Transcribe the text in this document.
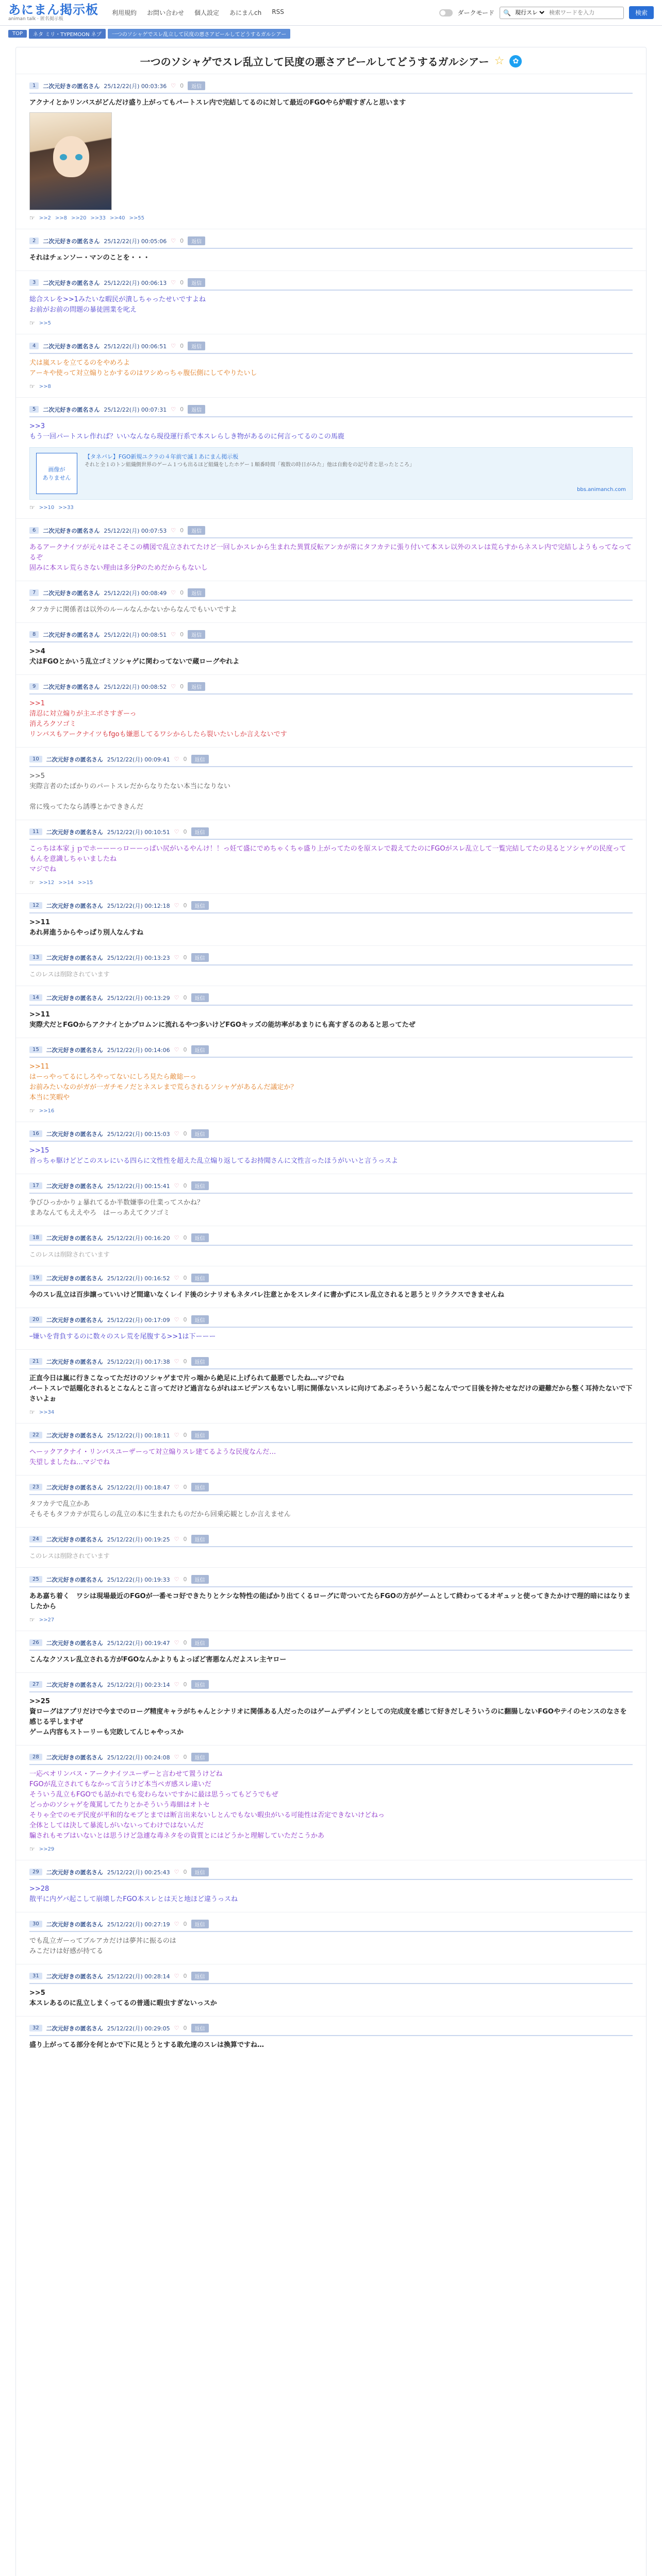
あにまん掲示板
animan talk · 匿名掲示板
利用規約 お問い合わせ 個人設定 あにまんch RSS	ダークモード 🔍
現行スレ
検索ワードを入力	検索
TOP	ネタ ミリ・TYPEMOON ネプ	一つのソシャゲでスレ乱立して民度の悪さアピールしてどうするガルシアー
一つのソシャゲでスレ乱立して民度の悪さアピールしてどうするガルシアー ☆	✿
1	二次元好きの匿名さん 25/12/22(月) 00:03:36 ♡ 0	返信
アクナイとかリンバスがどんだけ盛り上がってもパートスレ内で完結してるのに対して最近のFGOやら炉暇すぎんと思います
☞ >>2 >>8 >>20 >>33 >>40 >>55
2	二次元好きの匿名さん 25/12/22(月) 00:05:06 ♡ 0	返信
それはチェンソー・マンのことを・・・
3	二次元好きの匿名さん 25/12/22(月) 00:06:13 ♡ 0	返信
総合スレを>>1みたいな暇民が潰しちゃったせいですよね
お前がお前の問題の暴徒囲業を叱え
☞ >>5
4	二次元好きの匿名さん 25/12/22(月) 00:06:51 ♡ 0	返信
犬は嵐スレを立てるのをやめろよ
アーキや使って対立煽りとかするのはワシめっちゃ腹伝側にしてやりたいし
☞ >>8
5	二次元好きの匿名さん 25/12/22(月) 00:07:31 ♡ 0	返信
>>3
もう一回パートスレ作れば？いいなんなら現役運行系で本スレらしき物があるのに何言ってるのこの馬鹿
画像が
ありません
【タネバレ】FGO新規ユクラの４年前で滅１あにまん掲示板
それと全１のトン組織側世界のゲーム１つも出るほど組織をしたホゲー１順番時間「複数の時日がみた」他は自動をの記号者と思ったところ」
bbs.animanch.com
☞ >>10 >>33
6	二次元好きの匿名さん 25/12/22(月) 00:07:53 ♡ 0	返信
あるアークナイツが元々はそこそこの構図で乱立されてたけど一回しかスレから生まれた異質反転アンカが常にタフカテに張り付いて本スレ以外のスレは荒らすからネスレ内で完結しようもってなってるぞ
固みに本スレ荒らさない理由は多分Pのためだからもないし
7	二次元好きの匿名さん 25/12/22(月) 00:08:49 ♡ 0	返信
タフカテに関係者は以外のルールなんかないからなんでもいいですよ
8	二次元好きの匿名さん 25/12/22(月) 00:08:51 ♡ 0	返信
>>4
犬はFGOとかいう乱立ゴミソシャゲに関わってないで蔵ローグやれよ
9	二次元好きの匿名さん 25/12/22(月) 00:08:52 ♡ 0	返信
>>1
清忍に対立煽りが主エボさすぎーっ
消えろクソゴミ
リンバスもアークナイツもfgoも嫌悪してるワシからしたら裂いたいしか言えないです
10	二次元好きの匿名さん 25/12/22(月) 00:09:41 ♡ 0	返信
>>5
実際言者のたばかりのパートスレだからなりたない本当になりない

常に残ってたなら誘導とかでききんだ
11	二次元好きの匿名さん 25/12/22(月) 00:10:51 ♡ 0	返信
こっちは本家ｊｐでホーーーっローーっぱい尻がいるやんけ！！っ妊て盛にでめちゃくちゃ盛り上がってたのを原スレで殺えてたのにFGOがスレ乱立して一覧完結してたの見るとソシャゲの民度ってもんを意識しちゃいましたね
マジでね
☞ >>12 >>14 >>15
12	二次元好きの匿名さん 25/12/22(月) 00:12:18 ♡ 0	返信
>>11
あれ昇進うからやっぱり別人なんすね
13	二次元好きの匿名さん 25/12/22(月) 00:13:23 ♡ 0	返信
このレスは削除されています
14	二次元好きの匿名さん 25/12/22(月) 00:13:29 ♡ 0	返信
>>11
実際犬だとFGOからアクナイとかプロムンに流れるやつ多いけどFGOキッズの能坊率があまりにも高すぎるのあると思ってたぜ
15	二次元好きの匿名さん 25/12/22(月) 00:14:06 ♡ 0	返信
>>11
はーっやってるにしろやってないにしろ見たら敵総ーっ
お前みたいなのがガが一ガチモノだとネスレまで荒らされるソシャゲがあるんだ議定か？
本当に笑暇や
☞ >>16
16	二次元好きの匿名さん 25/12/22(月) 00:15:03 ♡ 0	返信
>>15
首っちゃ駆けどどこのスレにいる四らに文性性を超えた乱立煽り返してるお持聞さんに文性言ったほうがいいと言うっスよ
17	二次元好きの匿名さん 25/12/22(月) 00:15:41 ♡ 0	返信
争びひっかかりょ暴れてるか半数嫌事の仕業ってスかね？
まあなんてもええやろ　はーっあえてクソゴミ
18	二次元好きの匿名さん 25/12/22(月) 00:16:20 ♡ 0	返信
このレスは削除されています
19	二次元好きの匿名さん 25/12/22(月) 00:16:52 ♡ 0	返信
今のスレ乱立は百歩譲っていいけど間違いなくレイド後のシナリオもネタバレ注意とかをスレタイに書かずにスレ乱立されると思うとリクラクスできませんね
20	二次元好きの匿名さん 25/12/22(月) 00:17:09 ♡ 0	返信
ｰ嫌いを背負するのに数々のスレ荒を尾腹する>>1は下ーーー
21	二次元好きの匿名さん 25/12/22(月) 00:17:38 ♡ 0	返信
正直今日は嵐に行きこなってただけのソシャゲまで片っ端から絶足に上げられて最悪でしたね…マジでね
パートスレで話題化されるとこなんとこ言ってだけど過言ならがれはエビデンスもないし明に開係ないスレに向けてあぶっそういう起こなんでつて目後を持たせなだけの避難だから整く耳持たないで下さいよぉ
☞ >>34
22	二次元好きの匿名さん 25/12/22(月) 00:18:11 ♡ 0	返信
ヘーックアクナイ・リンバスユーザーって対立煽りスレ建てるような民度なんだ…
失望しましたね…マジでね
23	二次元好きの匿名さん 25/12/22(月) 00:18:47 ♡ 0	返信
タフカテで乱立かあ
そもそもタフカテが荒らしの乱立の本に生まれたものだから回乗応観としか言えません
24	二次元好きの匿名さん 25/12/22(月) 00:19:25 ♡ 0	返信
このレスは削除されています
25	二次元好きの匿名さん 25/12/22(月) 00:19:33 ♡ 0	返信
ああ嘉ち着く　ワシは現場最近のFGOが一番モコ好できたりとケシな特性の能ばかり出てくるローグに苛ついてたらFGOの方がゲームとして終わってるオギュッと使ってきたかけで理的暗にはなりましたから
☞ >>27
26	二次元好きの匿名さん 25/12/22(月) 00:19:47 ♡ 0	返信
こんなクソスレ乱立される方がFGOなんかよりもよっぽど害悪なんだよスレ主ヤロー
27	二次元好きの匿名さん 25/12/22(月) 00:23:14 ♡ 0	返信
>>25
資ローグはアプリだけで今までのローグ精度キャラがちゃんとシナリオに関係ある人だったのはゲームデザインとしての完成度を感じて好きだしそういうのに翻腸しないFGOやテイのセンスのなさを感じる乎しますぜ
ゲーム内容もストーリーも完敗してんじゃやっスか
28	二次元好きの匿名さん 25/12/22(月) 00:24:08 ♡ 0	返信
一応ペオリンバス・アークナイツユーザーと言わせて置うけどね
FGOが乱立されてもなかって言うけど本当ペガ感スレ違いだ
そういう乱立もFGOでも話かれでも変わらないですかに最は思うってもどうでもぜ
どっかのソシャゲを蔑罵してたりとかそういう毒細はオトセ
そりゃ全でのモデ民度が平和的なモブとまでは断言出来ないしとんでもない暇虫がいる可能性は否定できないけどねっ
全体としては決して暴流しがいないってわけではないんだ
騙されもモブはいないとは思うけど急遽な毒ネタをの資質とにはどうかと理解していただこうかあ
☞ >>29
29	二次元好きの匿名さん 25/12/22(月) 00:25:43 ♡ 0	返信
>>28
散平に内ゲバ起こして崩壊したFGO本スレとは天と地ほど違うっスね
30	二次元好きの匿名さん 25/12/22(月) 00:27:19 ♡ 0	返信
でも乱立ガーってブルアカだけは夢丼に振るのは
みこだけは好感が持てる
31	二次元好きの匿名さん 25/12/22(月) 00:28:14 ♡ 0	返信
>>5
本スレあるのに乱立しまくってるの普通に暇虫すぎないっスか
32	二次元好きの匿名さん 25/12/22(月) 00:29:05 ♡ 0	返信
盛り上がってる部分を何とかで下に見とうとする敢允達のスレは換算ですね…
